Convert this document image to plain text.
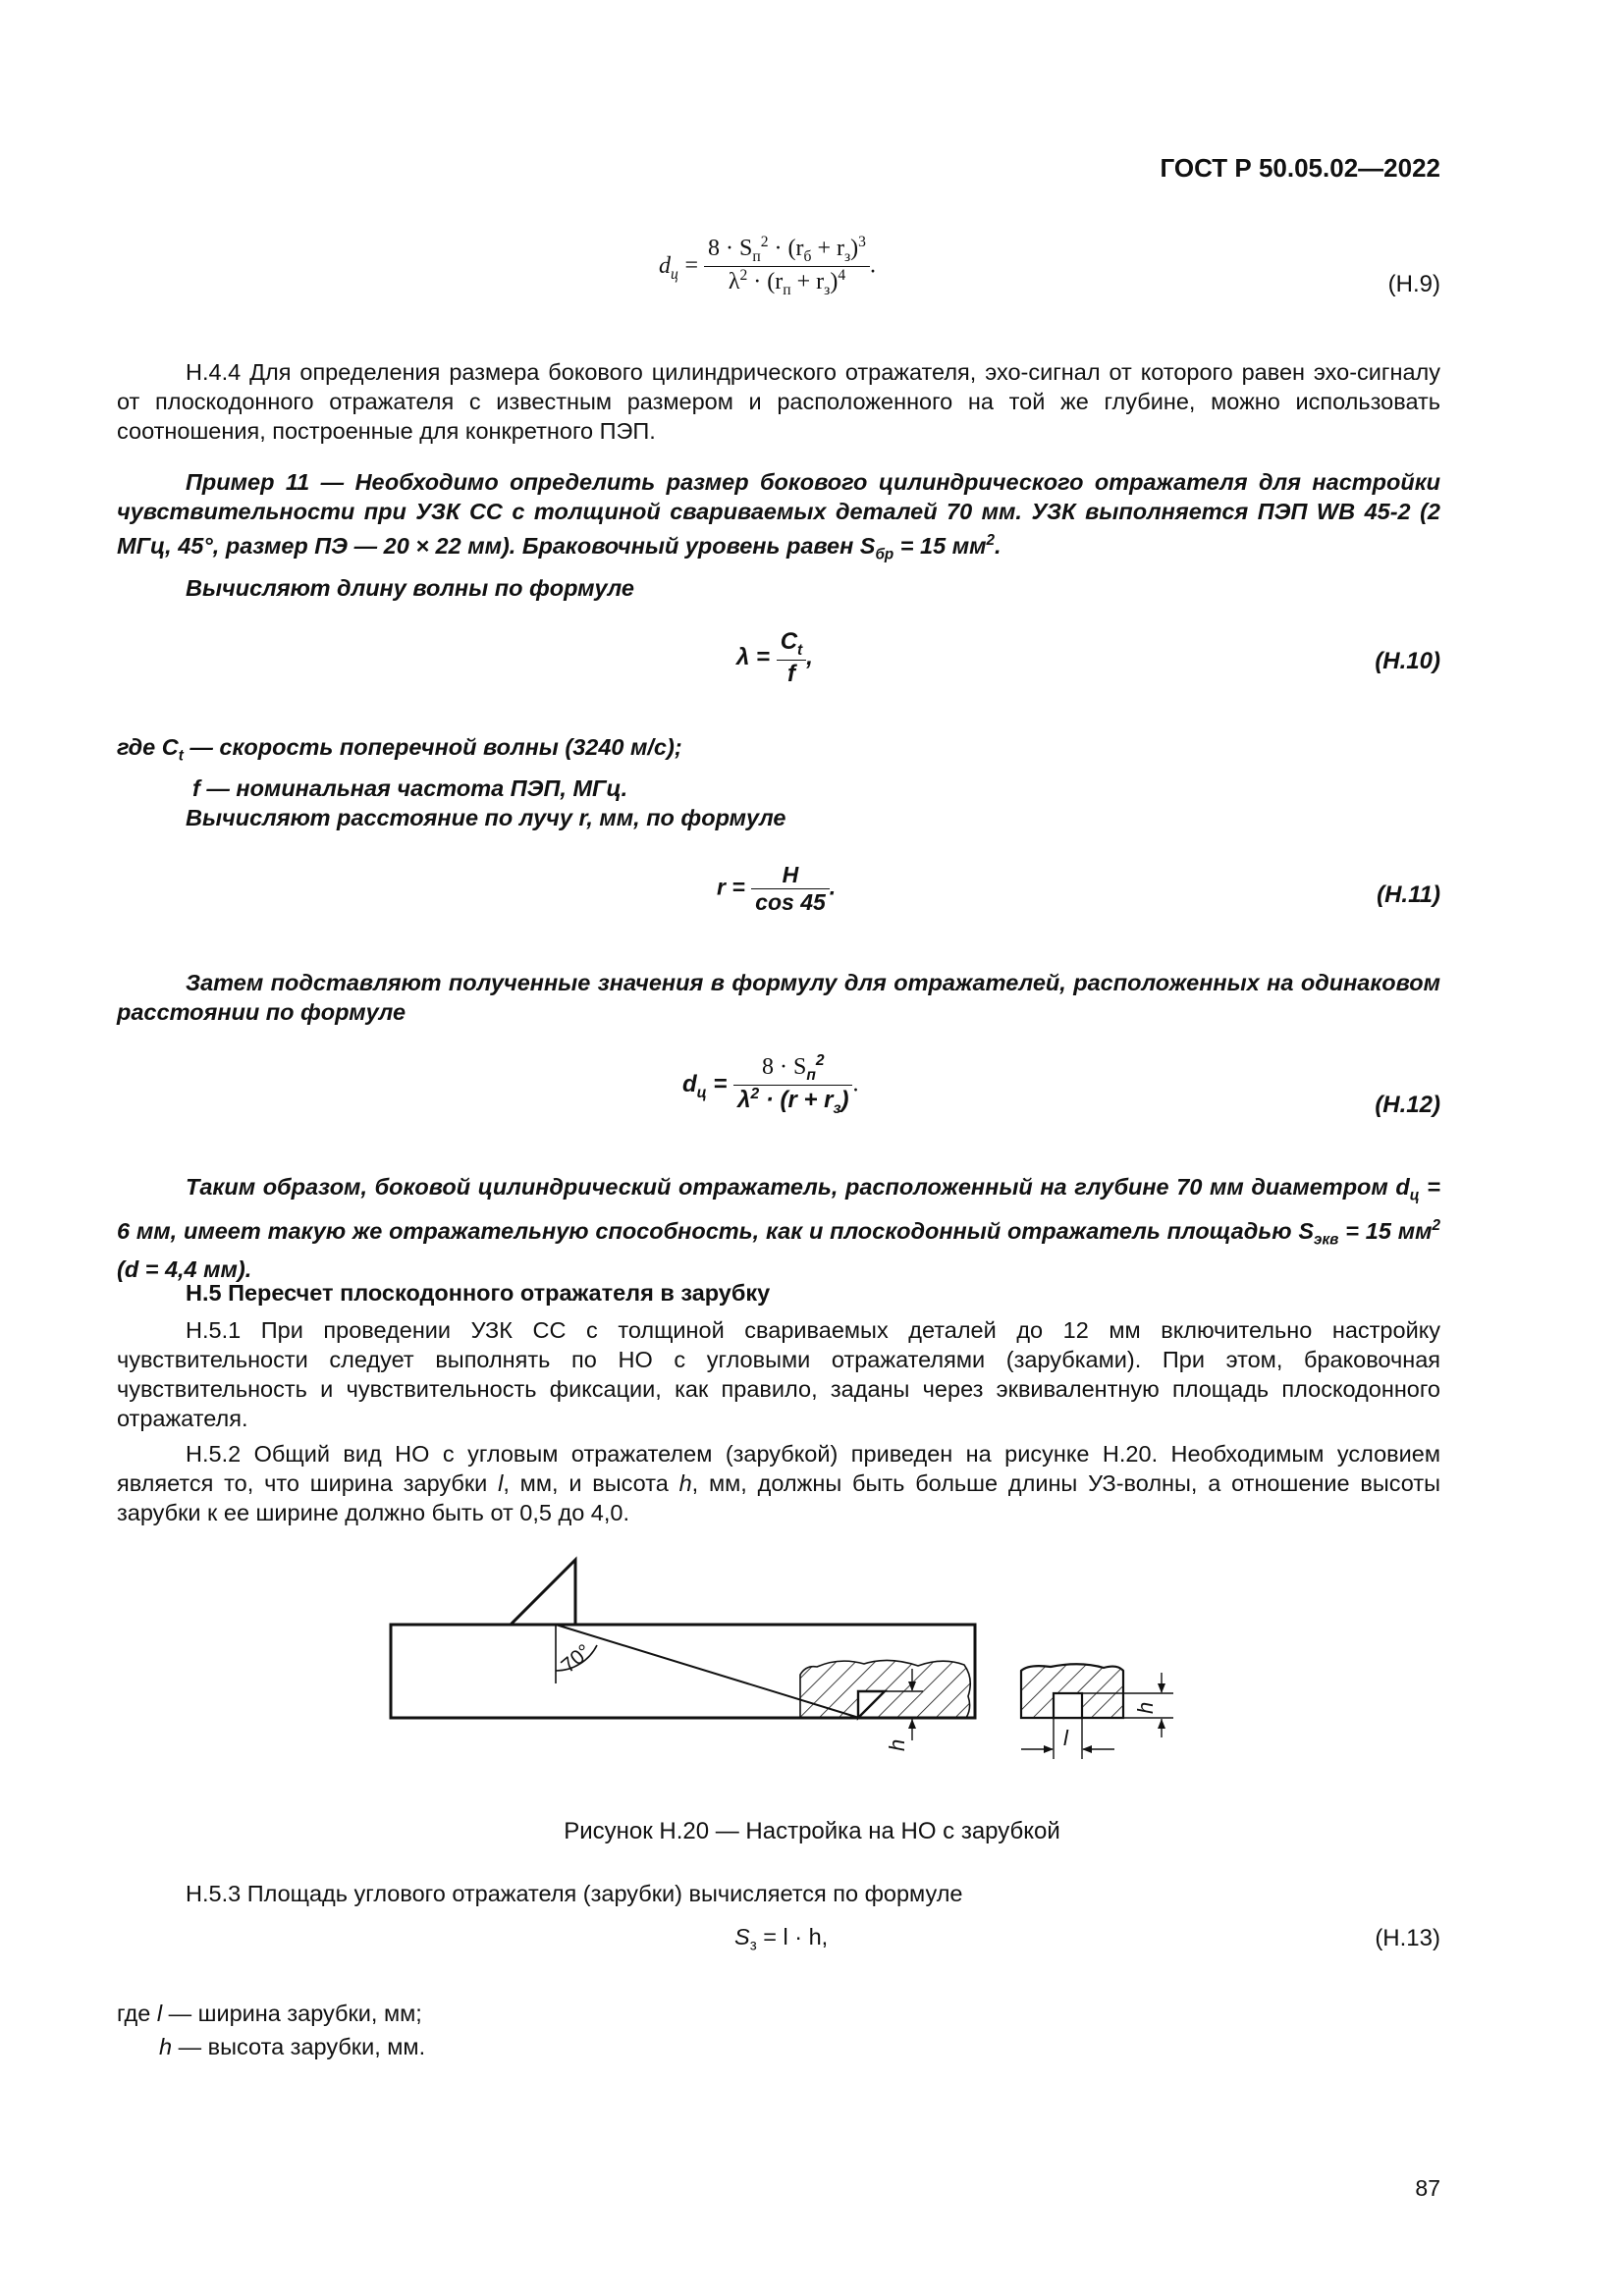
ГОСТ Р 50.05.02—2022
$d_ц = \frac{8 \cdot S_п^2 \cdot (r_б + r_з)^3}{\lambda^2 \cdot (r_п + r_з)^4}$ .
(Н.9)
Н.4.4 Для определения размера бокового цилиндрического отражателя, эхо-сигнал от которого равен эхо-сигналу от плоскодонного отражателя с известным размером и расположенного на той же глубине, можно использовать соотношения, построенные для конкретного ПЭП.
Пример 11 — Необходимо определить размер бокового цилиндрического отражателя для настройки чувствительности при УЗК СС с толщиной свариваемых деталей 70 мм. УЗК выполняется ПЭП WB 45-2 (2 МГц, 45°, размер ПЭ — 20 × 22 мм). Браковочный уровень равен $S_{бр} = 15$ $мм^2$.
Вычисляют длину волны по формуле
$\lambda = \frac{C_t}{f}$ ,	(Н.10)
где $C_t$ — скорость поперечной волны (3240 м/с);
f — номинальная частота ПЭП, МГц.
Вычисляют расстояние по лучу r, мм, по формуле
$r = \frac{H}{\cos 45}$ .	(Н.11)
Затем подставляют полученные значения в формулу для отражателей, расположенных на одинаковом расстоянии по формуле
$d_ц = \frac{8 \cdot S_п^2}{\lambda^2 \cdot (r + r_з)}$ .
(Н.12)
Таким образом, боковой цилиндрический отражатель, расположенный на глубине 70 мм диаметром $d_ц = 6$ мм, имеет такую же отражательную способность, как и плоскодонный отражатель площадью $S_{экв} = 15$ $мм^2$ (d = 4,4 мм).
Н.5 Пересчет плоскодонного отражателя в зарубку
Н.5.1 При проведении УЗК СС с толщиной свариваемых деталей до 12 мм включительно настройку чувствительности следует выполнять по НО с угловыми отражателями (зарубками). При этом, браковочная чувствительность и чувствительность фиксации, как правило, заданы через эквивалентную площадь плоскодонного отражателя.
Н.5.2 Общий вид НО с угловым отражателем (зарубкой) приведен на рисунке Н.20. Необходимым условием является то, что ширина зарубки l, мм, и высота h, мм, должны быть больше длины УЗ-волны, а отношение высоты зарубки к ее ширине должно быть от 0,5 до 4,0.
h
70°
h
l
Рисунок Н.20 — Настройка на НО с зарубкой
Н.5.3 Площадь углового отражателя (зарубки) вычисляется по формуле
$S_з = l \cdot h$,	(Н.13)
где l — ширина зарубки, мм;
h — высота зарубки, мм.
87
